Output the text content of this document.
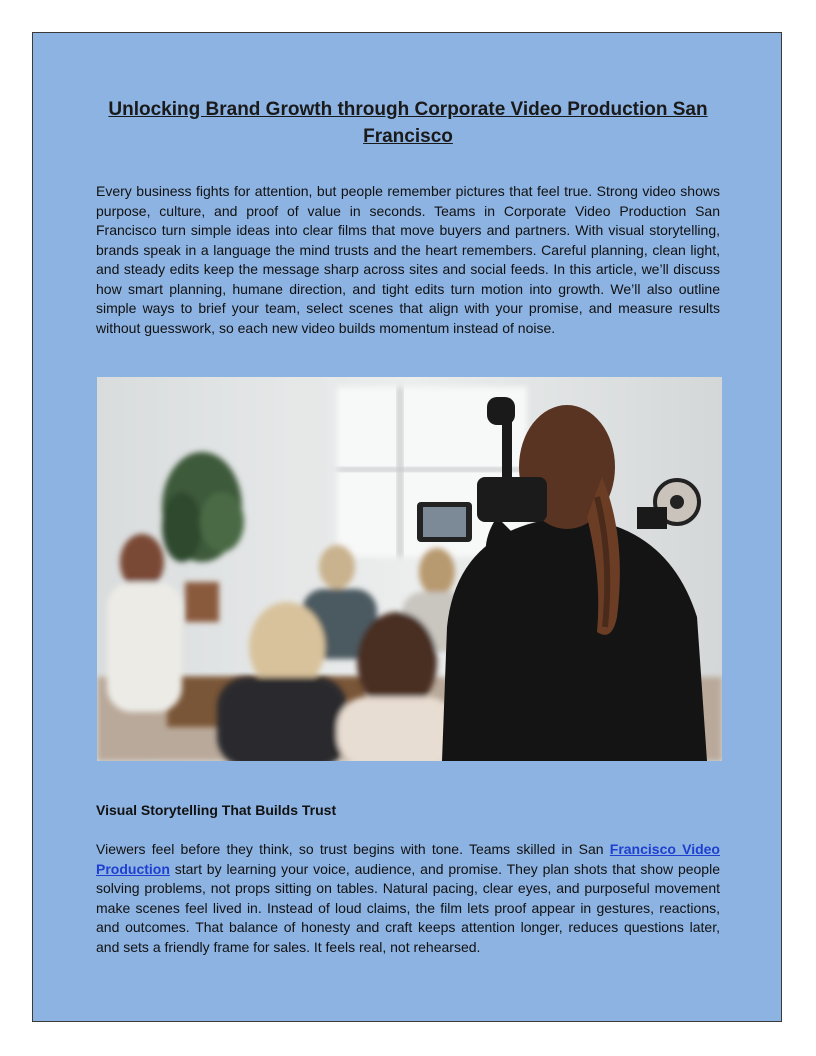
Unlocking Brand Growth through Corporate Video Production San Francisco
Every business fights for attention, but people remember pictures that feel true. Strong video shows purpose, culture, and proof of value in seconds. Teams in Corporate Video Production San Francisco turn simple ideas into clear films that move buyers and partners. With visual storytelling, brands speak in a language the mind trusts and the heart remembers. Careful planning, clean light, and steady edits keep the message sharp across sites and social feeds. In this article, we’ll discuss how smart planning, humane direction, and tight edits turn motion into growth. We’ll also outline simple ways to brief your team, select scenes that align with your promise, and measure results without guesswork, so each new video builds momentum instead of noise.
Visual Storytelling That Builds Trust
Viewers feel before they think, so trust begins with tone. Teams skilled in San Francisco Video Production start by learning your voice, audience, and promise. They plan shots that show people solving problems, not props sitting on tables. Natural pacing, clear eyes, and purposeful movement make scenes feel lived in. Instead of loud claims, the film lets proof appear in gestures, reactions, and outcomes. That balance of honesty and craft keeps attention longer, reduces questions later, and sets a friendly frame for sales. It feels real, not rehearsed.
